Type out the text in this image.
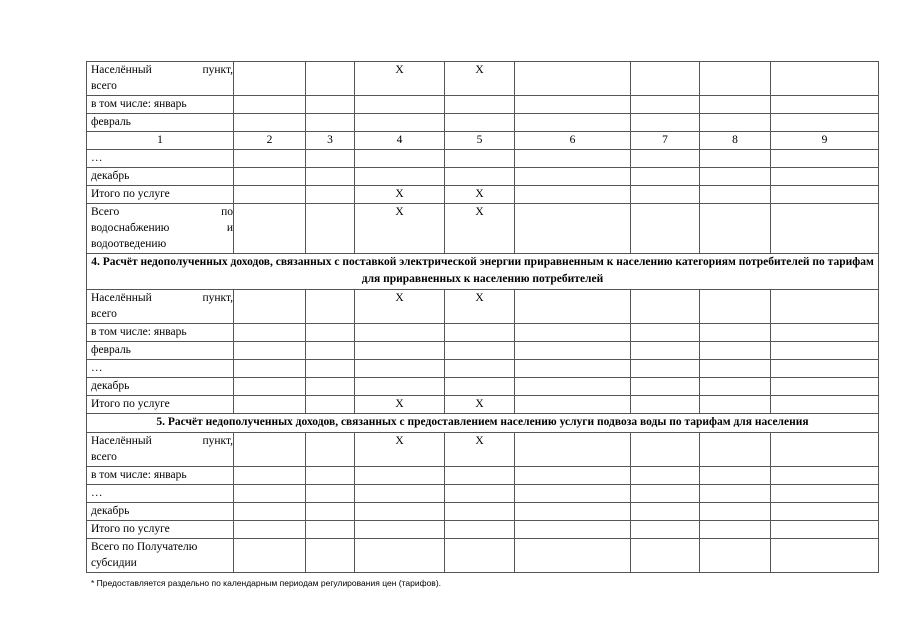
Населённый пункт,
всего			X	X				
в том числе: январь								
февраль								
1	2	3	4	5	6	7	8	9
…								
декабрь								
Итого по услуге			X	X				

Всего по
водоснабжению и
водоотведению			X	X				
4. Расчёт недополученных доходов, связанных с поставкой электрической энергии приравненным к населению категориям потребителей по тарифам для приравненных к населению потребителей								

Населённый пункт,
всего			X	X				
в том числе: январь								
февраль								
…								
декабрь								
Итого по услуге			X	X				
5. Расчёт недополученных доходов, связанных с предоставлением населению услуги подвоза воды по тарифам для населения								

Населённый пункт,
всего			X	X				
в том числе: январь								
…								
декабрь								
Итого по услуге								

Всего по Получателю
субсидии								

* Предоставляется раздельно по календарным периодам регулирования цен (тарифов).
